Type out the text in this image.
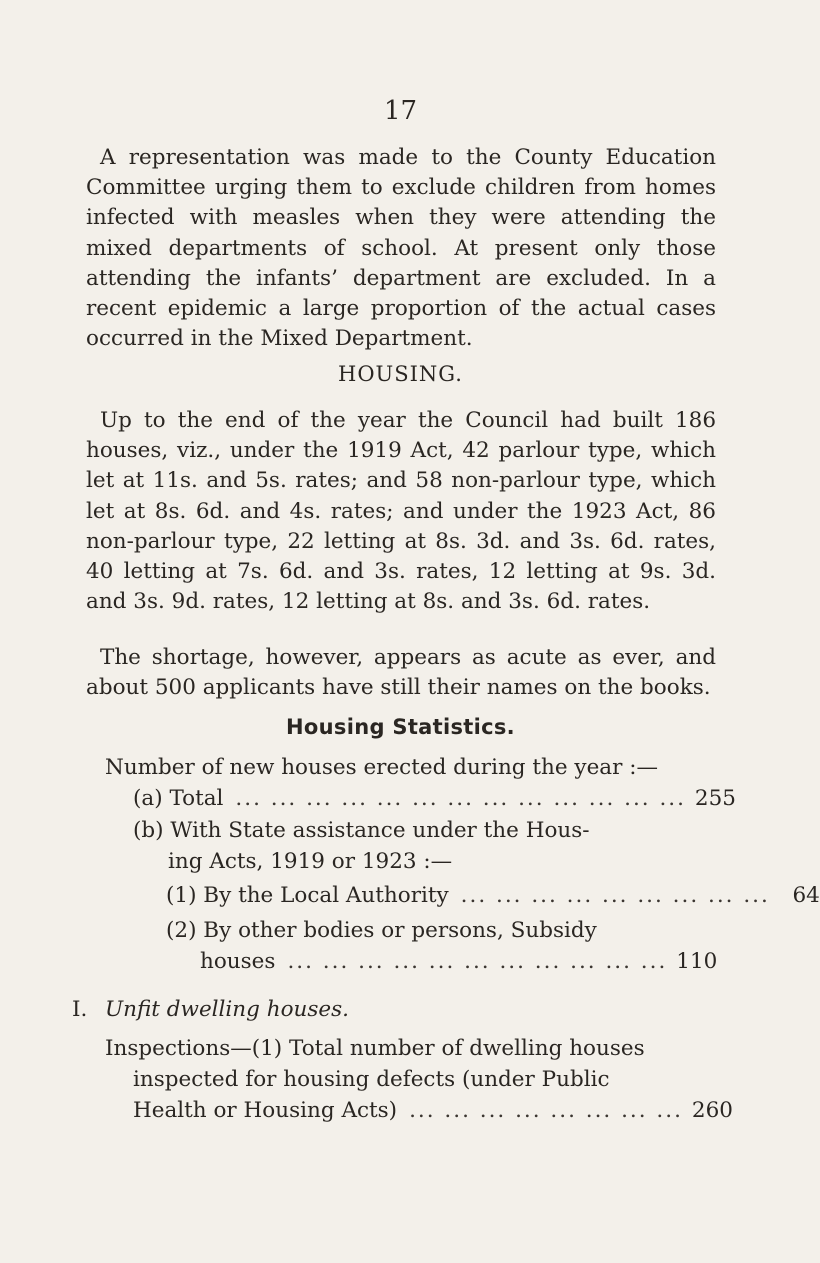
17
A representation was made to the County Education Committee urging them to exclude children from homes infected with measles when they were attending the mixed departments of school. At present only those attending the infants’ department are excluded. In a recent epidemic a large proportion of the actual cases occurred in the Mixed Department.
HOUSING.
Up to the end of the year the Council had built 186 houses, viz., under the 1919 Act, 42 parlour type, which let at 11s. and 5s. rates; and 58 non-parlour type, which let at 8s. 6d. and 4s. rates; and under the 1923 Act, 86 non-parlour type, 22 letting at 8s. 3d. and 3s. 6d. rates, 40 letting at 7s. 6d. and 3s. rates, 12 letting at 9s. 3d. and 3s. 9d. rates, 12 letting at 8s. and 3s. 6d. rates.
The shortage, however, appears as acute as ever, and about 500 applicants have still their names on the books.
Housing Statistics.
Number of new houses erected during the year :—
(a) Total ... ... ... ... ... ... ... ... ... ... ... ... ... 255
(b) With State assistance under the Hous-
ing Acts, 1919 or 1923 :—
(1) By the Local Authority ... ... ... ... ... ... ... ... ...	64
(2) By other bodies or persons, Subsidy
houses ... ... ... ... ... ... ... ... ... ... ... 110
I. Unfit dwelling houses.
Inspections—(1) Total number of dwelling houses
inspected for housing defects (under Public
Health or Housing Acts) ... ... ... ... ... ... ... ... 260
